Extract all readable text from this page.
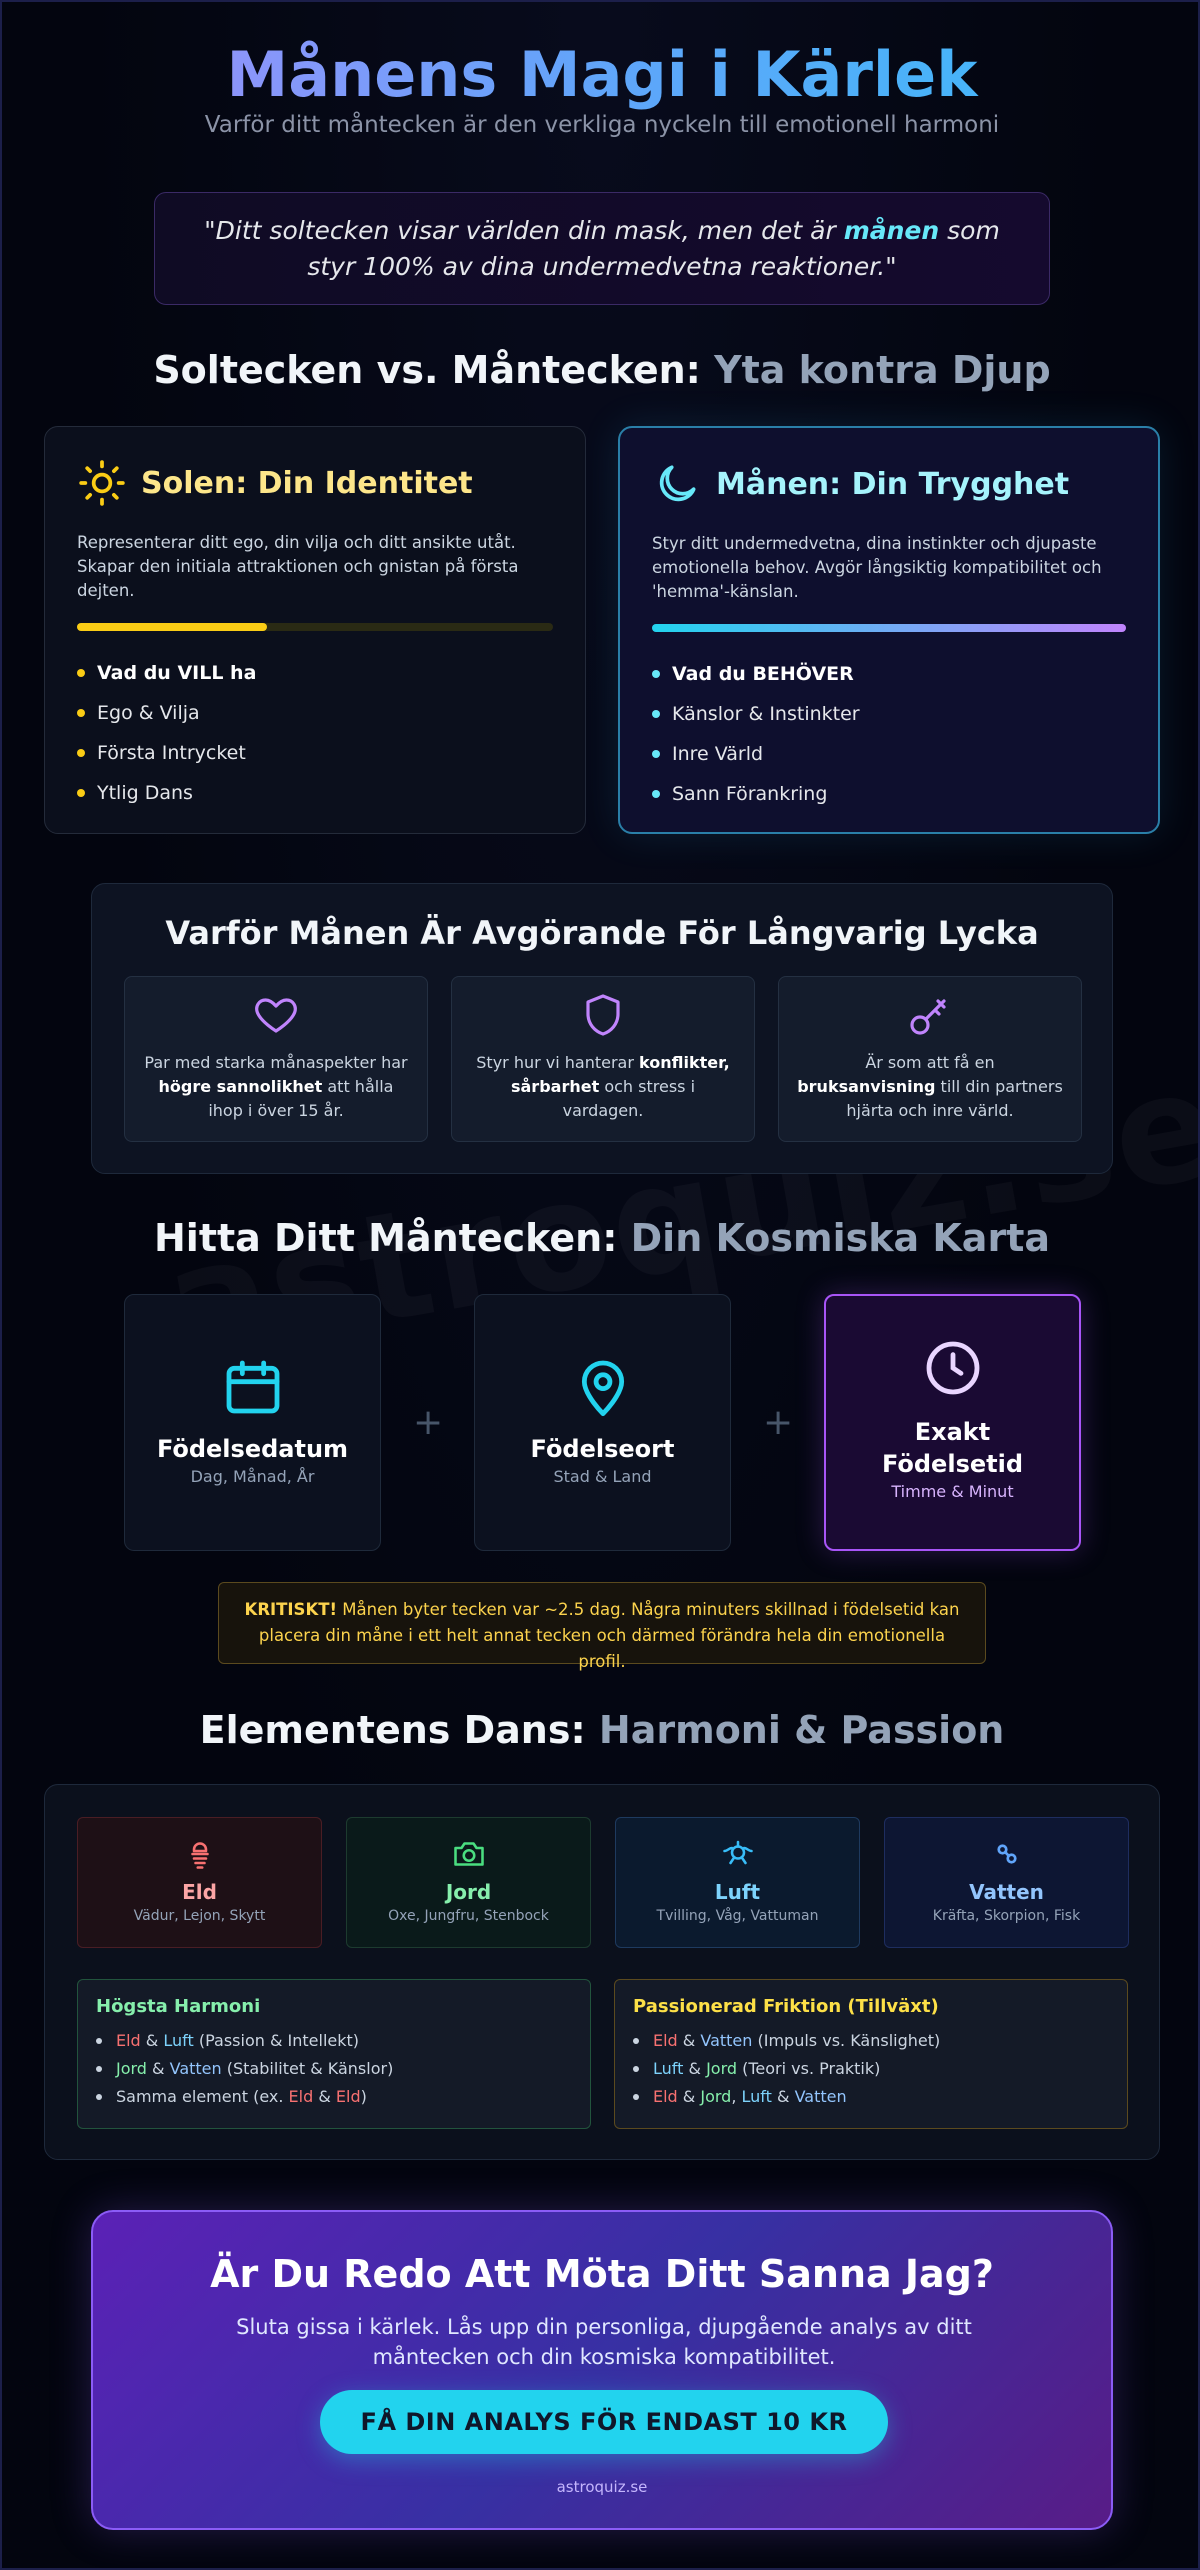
Månens Magi i Kärlek
Varför ditt måntecken är den verkliga nyckeln till emotionell harmoni
"Ditt soltecken visar världen din mask, men det är månen som styr 100% av dina undermedvetna reaktioner."
Soltecken vs. Måntecken: Yta kontra Djup
Solen: Din Identitet
Representerar ditt ego, din vilja och ditt ansikte utåt. Skapar den initiala attraktionen och gnistan på första dejten.
Vad du VILL ha
Ego & Vilja
Första Intrycket
Ytlig Dans
Månen: Din Trygghet
Styr ditt undermedvetna, dina instinkter och djupaste emotionella behov. Avgör långsiktig kompatibilitet och 'hemma'-känslan.
Vad du BEHÖVER
Känslor & Instinkter
Inre Värld
Sann Förankring
Varför Månen Är Avgörande För Långvarig Lycka

Par med starka månaspekter har högre sannolikhet att hålla ihop i över 15 år.

Styr hur vi hanterar konflikter, sårbarhet och stress i vardagen.

Är som att få en bruksanvisning till din partners hjärta och inre värld.

Hitta Ditt Måntecken: Din Kosmiska Karta
Födelsedatum
Dag, Månad, År
+
Födelseort
Stad & Land
+	Exakt Födelsetid
Timme & Minut
KRITISKT! Månen byter tecken var ~2.5 dag. Några minuters skillnad i födelsetid kan placera din måne i ett helt annat tecken och därmed förändra hela din emotionella profil.
Elementens Dans: Harmoni & Passion
Eld
Vädur, Lejon, Skytt
Jord
Oxe, Jungfru, Stenbock
Luft
Tvilling, Våg, Vattuman
Vatten
Kräfta, Skorpion, Fisk
Högsta Harmoni
Eld & Luft (Passion & Intellekt)
Jord & Vatten (Stabilitet & Känslor)
Samma element (ex. Eld & Eld )
Passionerad Friktion (Tillväxt)
Eld & Vatten (Impuls vs. Känslighet)
Luft & Jord (Teori vs. Praktik)
Eld & Jord , Luft & Vatten
Är Du Redo Att Möta Ditt Sanna Jag?
Sluta gissa i kärlek. Lås upp din personliga, djupgående analys av ditt måntecken och din kosmiska kompatibilitet.
FÅ DIN ANALYS FÖR ENDAST 10 KR
astroquiz.se
